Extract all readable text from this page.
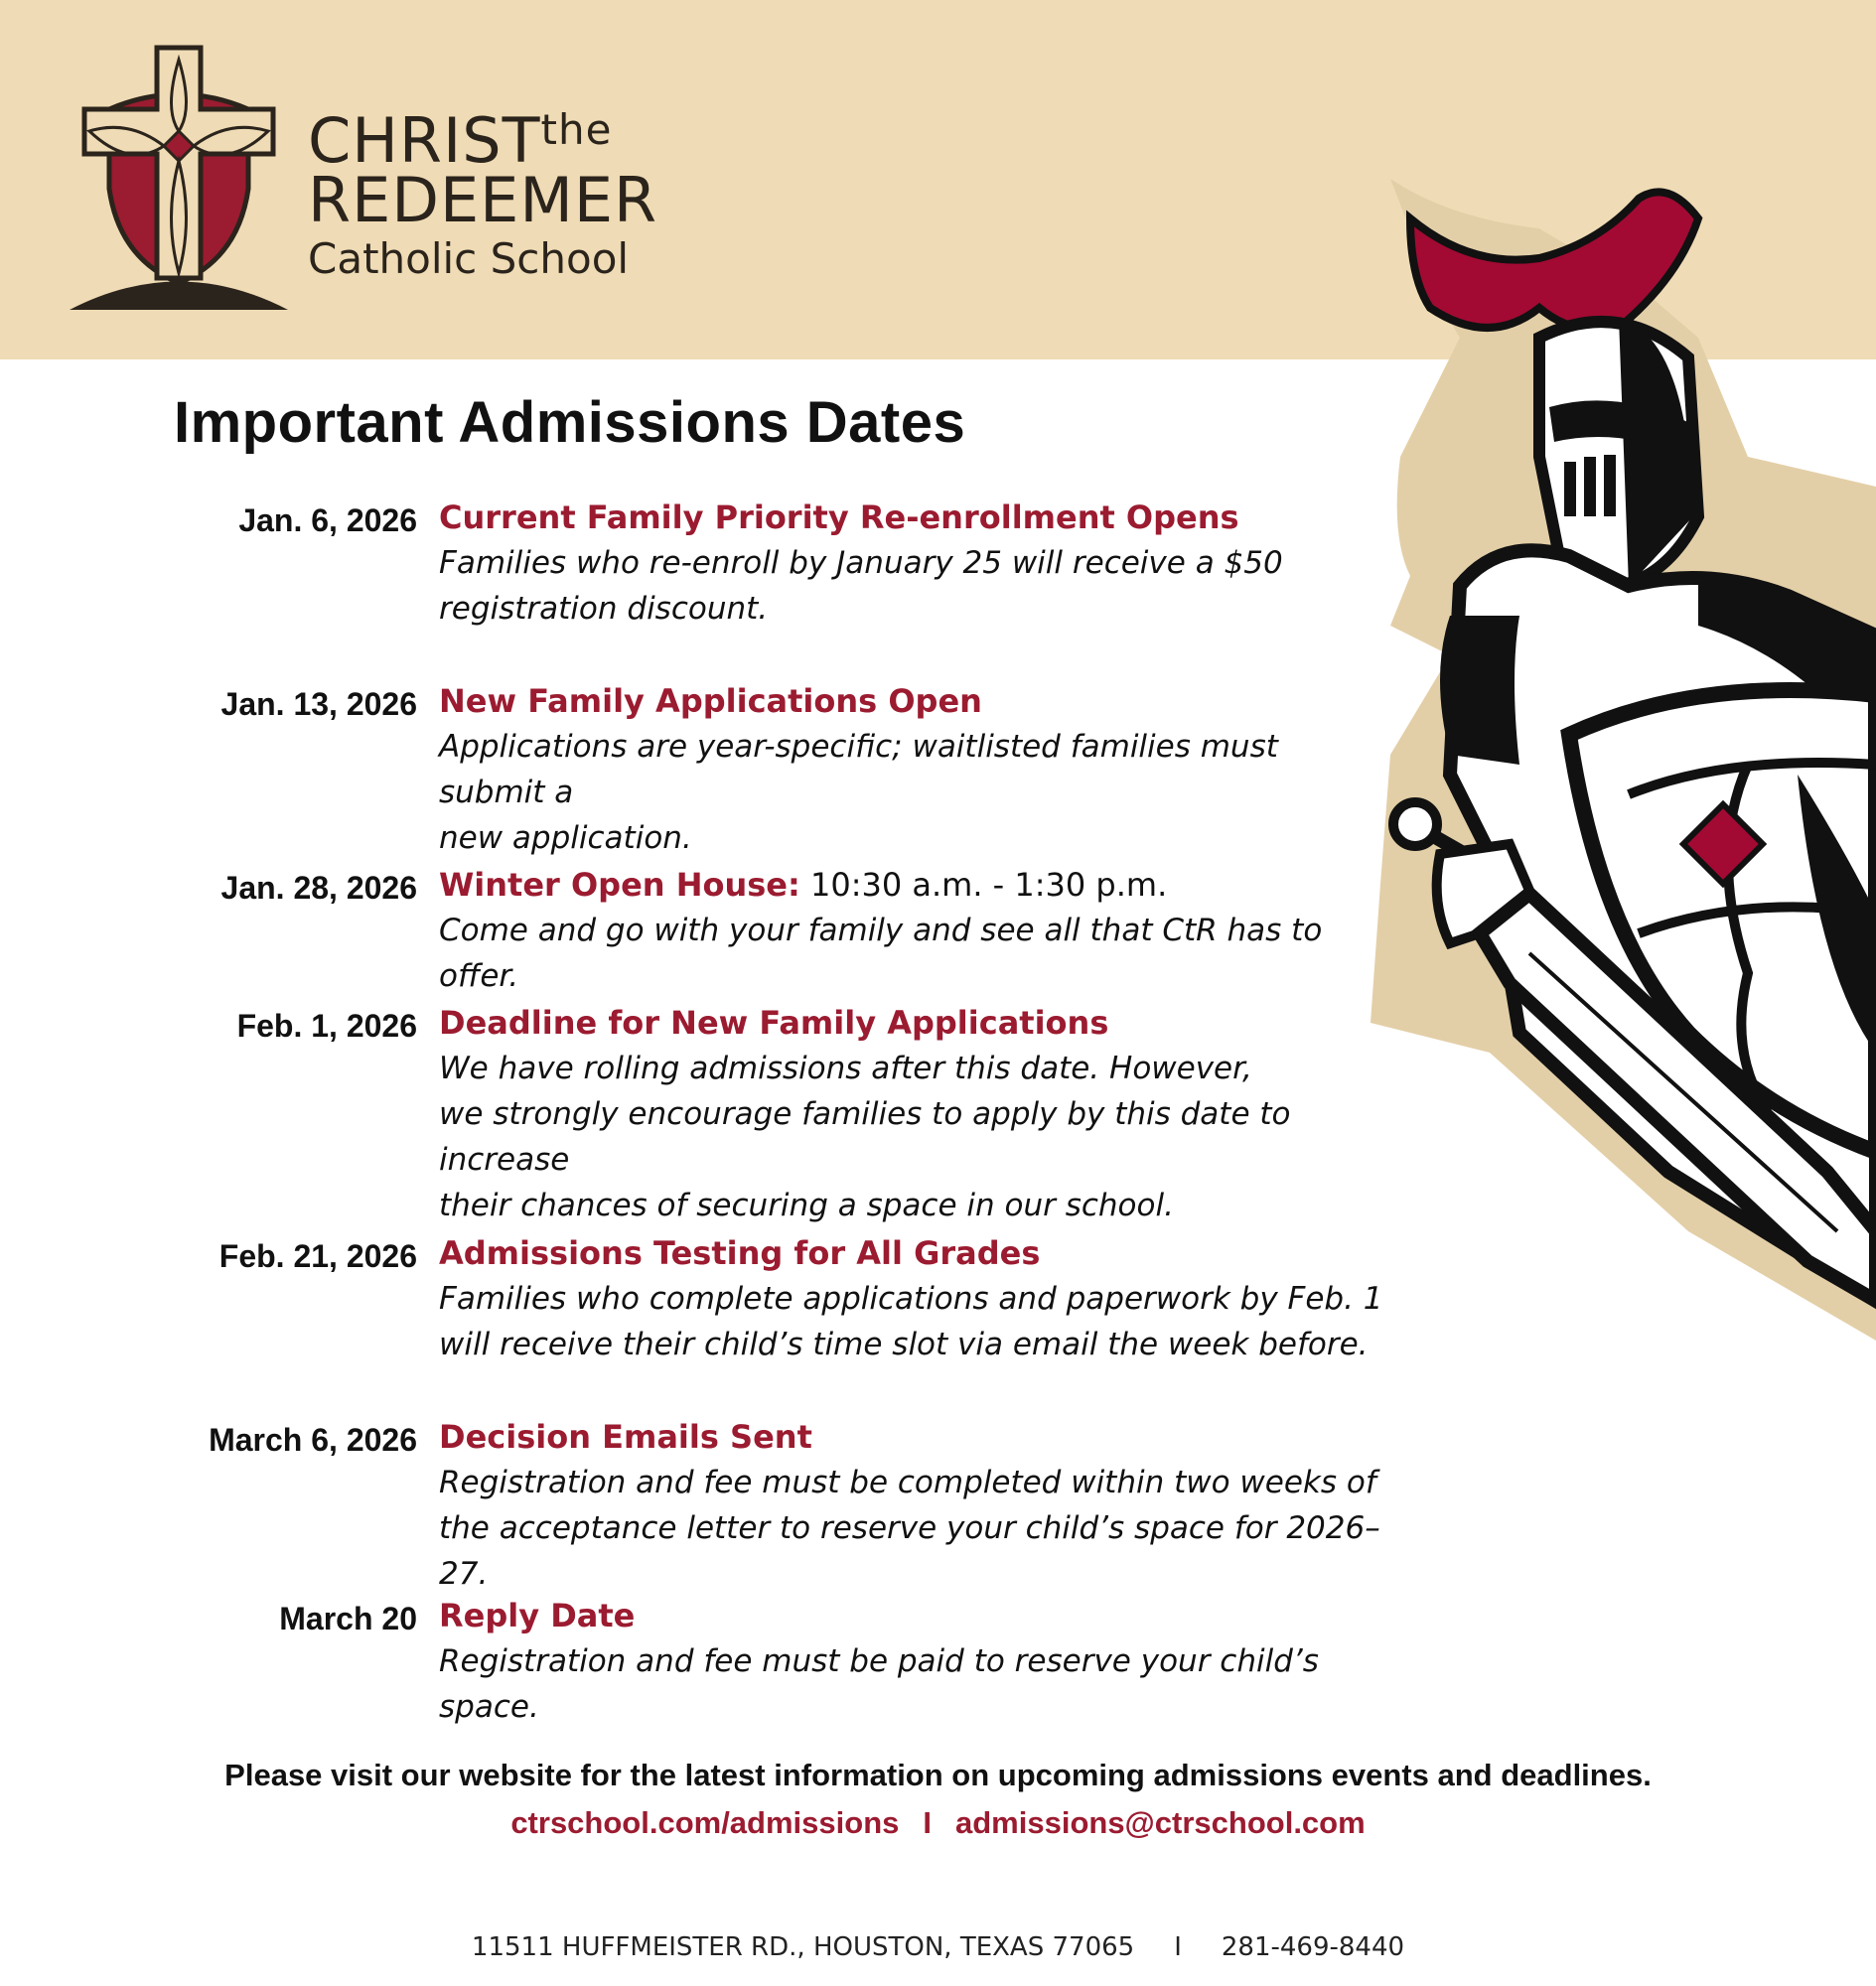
$CHRIST^{the}$
REDEEMER
Catholic School
Important Admissions Dates
Jan. 6, 2026 Current Family Priority Re-enrollment Opens
Families who re-enroll by January 25 will receive a $50
registration discount.
Jan. 13, 2026 New Family Applications Open
Applications are year-specific; waitlisted families must submit a
new application.
Jan. 28, 2026 Winter Open House: 10:30 a.m. - 1:30 p.m.
Come and go with your family and see all that CtR has to offer.
Feb. 1, 2026 Deadline for New Family Applications
We have rolling admissions after this date. However,
we strongly encourage families to apply by this date to increase
their chances of securing a space in our school.
Feb. 21, 2026 Admissions Testing for All Grades
Families who complete applications and paperwork by Feb. 1
will receive their child’s time slot via email the week before.
March 6, 2026 Decision Emails Sent
Registration and fee must be completed within two weeks of
the acceptance letter to reserve your child’s space for 2026–27.
March 20 Reply Date
Registration and fee must be paid to reserve your child’s space.
Please visit our website for the latest information on upcoming admissions events and deadlines.
ctrschool.com/admissions I admissions@ctrschool.com
11511 HUFFMEISTER RD., HOUSTON, TEXAS 77065 I 281-469-8440
